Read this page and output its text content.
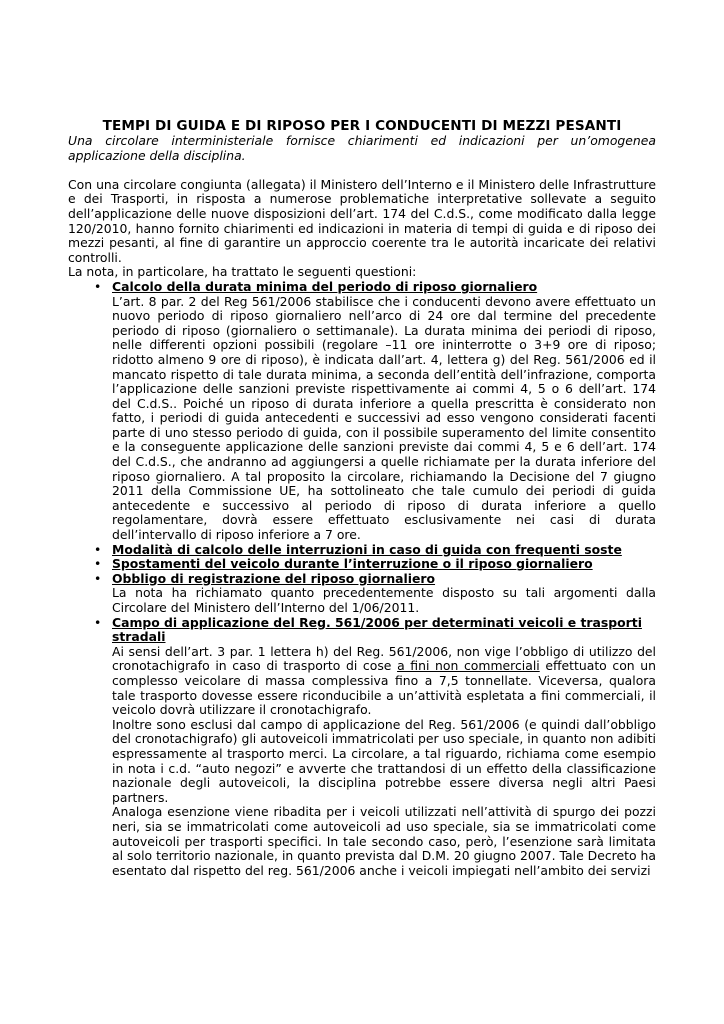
TEMPI DI GUIDA E DI RIPOSO PER I CONDUCENTI DI MEZZI PESANTI

Una circolare interministeriale fornisce chiarimenti ed indicazioni per un’omogenea applicazione della disciplina.

Con una circolare congiunta (allegata) il Ministero dell’Interno e il Ministero delle Infrastrutture e dei Trasporti, in risposta a numerose problematiche interpretative sollevate a seguito dell’applicazione delle nuove disposizioni dell’art. 174 del C.d.S., come modificato dalla legge 120/2010, hanno fornito chiarimenti ed indicazioni in materia di tempi di guida e di riposo dei mezzi pesanti, al fine di garantire un approccio coerente tra le autorità incaricate dei relativi controlli.

La nota, in particolare, ha trattato le seguenti questioni:

• Calcolo della durata minima del periodo di riposo giornaliero

L’art. 8 par. 2 del Reg 561/2006 stabilisce che i conducenti devono avere effettuato un nuovo periodo di riposo giornaliero nell’arco di 24 ore dal termine del precedente periodo di riposo (giornaliero o settimanale). La durata minima dei periodi di riposo, nelle differenti opzioni possibili (regolare –11 ore ininterrotte o 3+9 ore di riposo; ridotto almeno 9 ore di riposo), è indicata dall’art. 4, lettera g) del Reg. 561/2006 ed il mancato rispetto di tale durata minima, a seconda dell’entità dell’infrazione, comporta l’applicazione delle sanzioni previste rispettivamente ai commi 4, 5 o 6 dell’art. 174 del C.d.S.. Poiché un riposo di durata inferiore a quella prescritta è considerato non fatto, i periodi di guida antecedenti e successivi ad esso vengono considerati facenti parte di uno stesso periodo di guida, con il possibile superamento del limite consentito e la conseguente applicazione delle sanzioni previste dai commi 4, 5 e 6 dell’art. 174 del C.d.S., che andranno ad aggiungersi a quelle richiamate per la durata inferiore del riposo giornaliero. A tal proposito la circolare, richiamando la Decisione del 7 giugno 2011 della Commissione UE, ha sottolineato che tale cumulo dei periodi di guida antecedente e successivo al periodo di riposo di durata inferiore a quello regolamentare, dovrà essere effettuato esclusivamente nei casi di durata dell’intervallo di riposo inferiore a 7 ore.

• Modalità di calcolo delle interruzioni in caso di guida con frequenti soste

• Spostamenti del veicolo durante l’interruzione o il riposo giornaliero

• Obbligo di registrazione del riposo giornaliero

La nota ha richiamato quanto precedentemente disposto su tali argomenti dalla Circolare del Ministero dell’Interno del 1/06/2011.

• Campo di applicazione del Reg. 561/2006 per determinati veicoli e trasporti stradali

Ai sensi dell’art. 3 par. 1 lettera h) del Reg. 561/2006, non vige l’obbligo di utilizzo del cronotachigrafo in caso di trasporto di cose a fini non commerciali effettuato con un complesso veicolare di massa complessiva fino a 7,5 tonnellate. Viceversa, qualora tale trasporto dovesse essere riconducibile a un’attività espletata a fini commerciali, il veicolo dovrà utilizzare il cronotachigrafo.

Inoltre sono esclusi dal campo di applicazione del Reg. 561/2006 (e quindi dall’obbligo del cronotachigrafo) gli autoveicoli immatricolati per uso speciale, in quanto non adibiti espressamente al trasporto merci. La circolare, a tal riguardo, richiama come esempio in nota i c.d. “auto negozi” e avverte che trattandosi di un effetto della classificazione nazionale degli autoveicoli, la disciplina potrebbe essere diversa negli altri Paesi partners.

Analoga esenzione viene ribadita per i veicoli utilizzati nell’attività di spurgo dei pozzi neri, sia se immatricolati come autoveicoli ad uso speciale, sia se immatricolati come autoveicoli per trasporti specifici. In tale secondo caso, però, l’esenzione sarà limitata al solo territorio nazionale, in quanto prevista dal D.M. 20 giugno 2007. Tale Decreto ha esentato dal rispetto del reg. 561/2006 anche i veicoli impiegati nell’ambito dei servizi
